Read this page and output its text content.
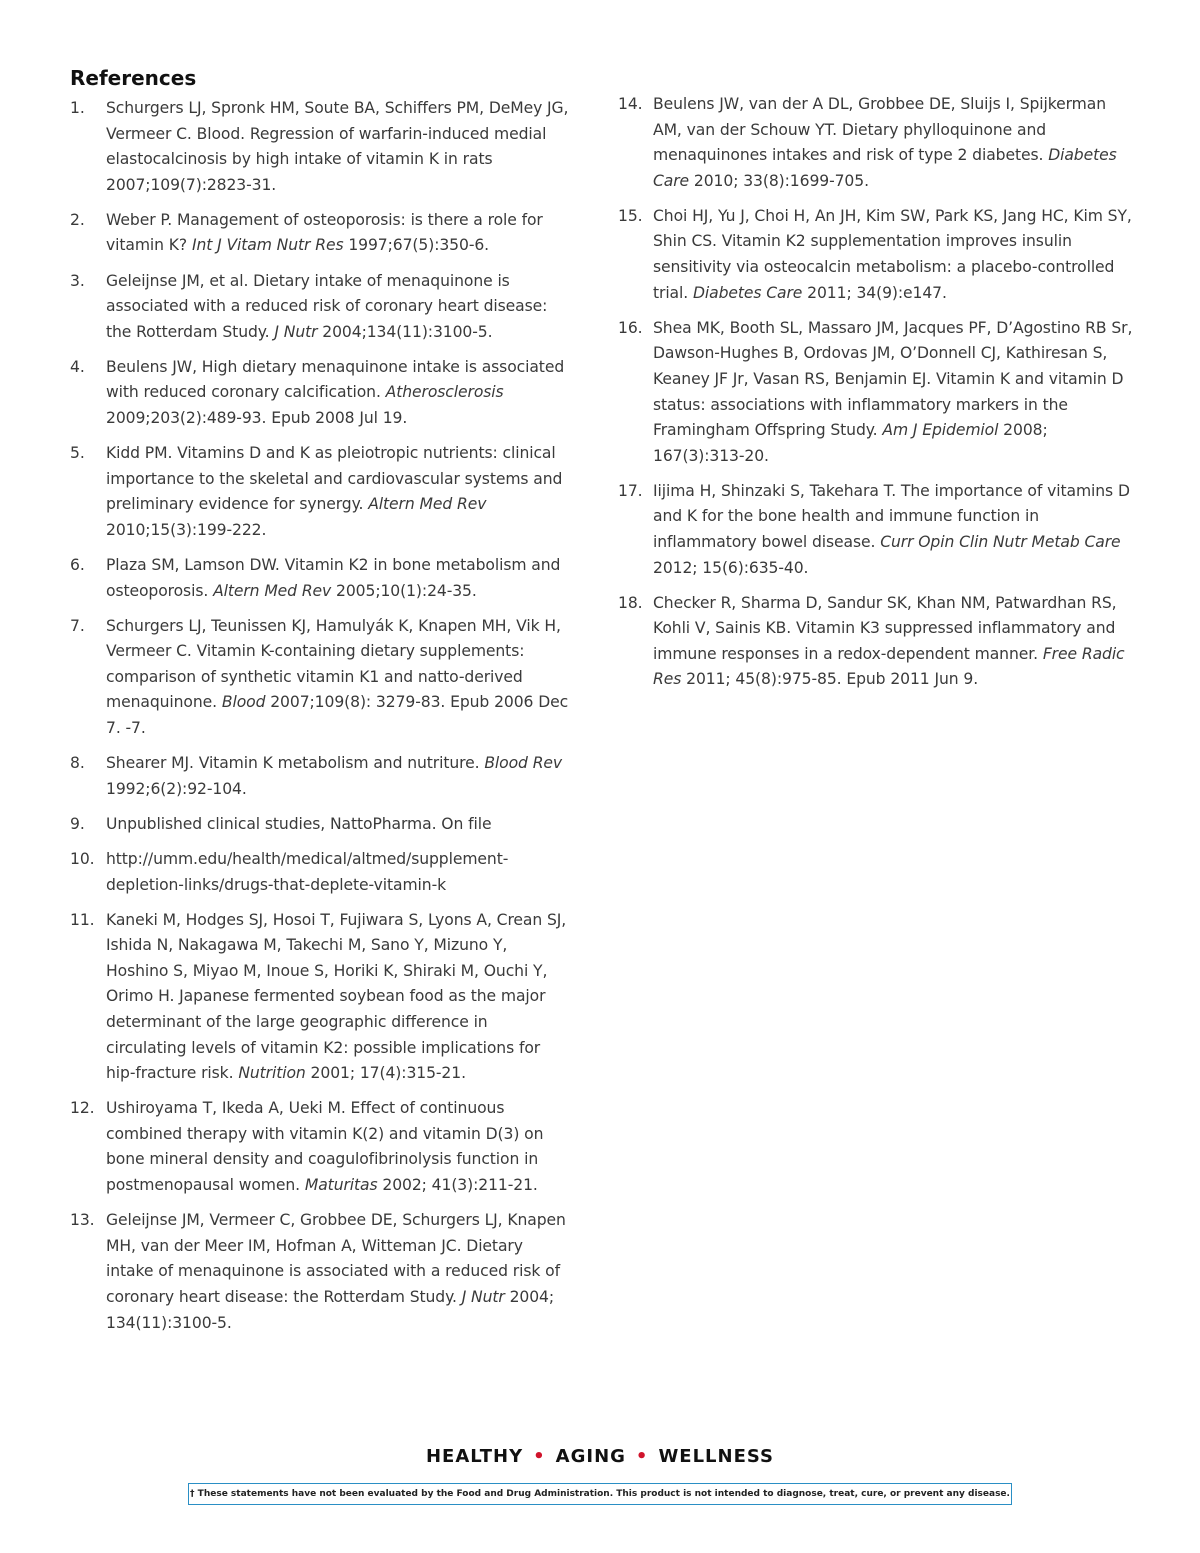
References
1. Schurgers LJ, Spronk HM, Soute BA, Schiffers PM, DeMey JG, Vermeer C. Blood. Regression of warfarin-induced medial elastocalcinosis by high intake of vitamin K in rats 2007;109(7):2823-31.
2. Weber P. Management of osteoporosis: is there a role for vitamin K? Int J Vitam Nutr Res 1997;67(5):350-6.
3. Geleijnse JM, et al. Dietary intake of menaquinone is associated with a reduced risk of coronary heart disease: the Rotterdam Study. J Nutr 2004;134(11):3100-5.
4. Beulens JW, High dietary menaquinone intake is associated with reduced coronary calcification. Atherosclerosis 2009;203(2):489-93. Epub 2008 Jul 19.
5. Kidd PM. Vitamins D and K as pleiotropic nutrients: clinical importance to the skeletal and cardiovascular systems and preliminary evidence for synergy. Altern Med Rev 2010;15(3):199-222.
6. Plaza SM, Lamson DW. Vitamin K2 in bone metabolism and osteoporosis. Altern Med Rev 2005;10(1):24-35.
7. Schurgers LJ, Teunissen KJ, Hamulyák K, Knapen MH, Vik H, Vermeer C. Vitamin K-containing dietary supplements: comparison of synthetic vitamin K1 and natto-derived menaquinone. Blood 2007;109(8): 3279-83. Epub 2006 Dec 7. -7.
8. Shearer MJ. Vitamin K metabolism and nutriture. Blood Rev 1992;6(2):92-104.
9. Unpublished clinical studies, NattoPharma. On file
10. http://umm.edu/health/medical/altmed/supplement-depletion-links/drugs-that-deplete-vitamin-k
11. Kaneki M, Hodges SJ, Hosoi T, Fujiwara S, Lyons A, Crean SJ, Ishida N, Nakagawa M, Takechi M, Sano Y, Mizuno Y, Hoshino S, Miyao M, Inoue S, Horiki K, Shiraki M, Ouchi Y, Orimo H. Japanese fermented soybean food as the major determinant of the large geographic difference in circulating levels of vitamin K2: possible implications for hip-fracture risk. Nutrition 2001; 17(4):315-21.
12. Ushiroyama T, Ikeda A, Ueki M. Effect of continuous combined therapy with vitamin K(2) and vitamin D(3) on bone mineral density and coagulofibrinolysis function in postmenopausal women. Maturitas 2002; 41(3):211-21.
13. Geleijnse JM, Vermeer C, Grobbee DE, Schurgers LJ, Knapen MH, van der Meer IM, Hofman A, Witteman JC. Dietary intake of menaquinone is associated with a reduced risk of coronary heart disease: the Rotterdam Study. J Nutr 2004; 134(11):3100-5.
14. Beulens JW, van der A DL, Grobbee DE, Sluijs I, Spijkerman AM, van der Schouw YT. Dietary phylloquinone and menaquinones intakes and risk of type 2 diabetes. Diabetes Care 2010; 33(8):1699-705.
15. Choi HJ, Yu J, Choi H, An JH, Kim SW, Park KS, Jang HC, Kim SY, Shin CS. Vitamin K2 supplementation improves insulin sensitivity via osteocalcin metabolism: a placebo-controlled trial. Diabetes Care 2011; 34(9):e147.
16. Shea MK, Booth SL, Massaro JM, Jacques PF, D’Agostino RB Sr, Dawson-Hughes B, Ordovas JM, O’Donnell CJ, Kathiresan S, Keaney JF Jr, Vasan RS, Benjamin EJ. Vitamin K and vitamin D status: associations with inflammatory markers in the Framingham Offspring Study. Am J Epidemiol 2008; 167(3):313-20.
17. Iijima H, Shinzaki S, Takehara T. The importance of vitamins D and K for the bone health and immune function in inflammatory bowel disease. Curr Opin Clin Nutr Metab Care 2012; 15(6):635-40.
18. Checker R, Sharma D, Sandur SK, Khan NM, Patwardhan RS, Kohli V, Sainis KB. Vitamin K3 suppressed inflammatory and immune responses in a redox-dependent manner. Free Radic Res 2011; 45(8):975-85. Epub 2011 Jun 9.
HEALTHY • AGING • WELLNESS
† These statements have not been evaluated by the Food and Drug Administration. This product is not intended to diagnose, treat, cure, or prevent any disease.
